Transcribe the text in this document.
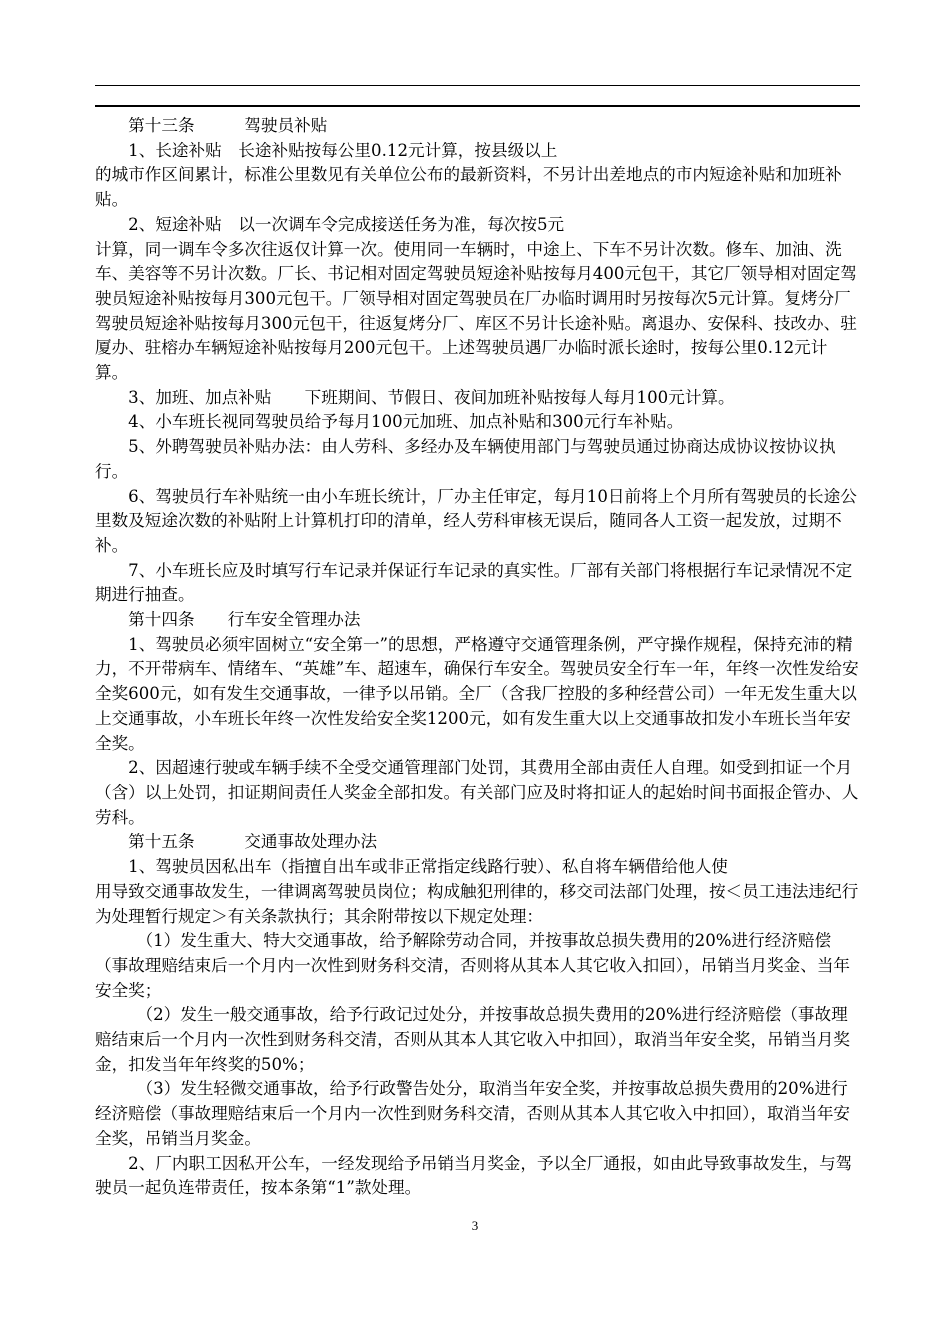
　　第十三条　　　驾驶员补贴

　　1、长途补贴　长途补贴按每公里0.12元计算，按县级以上

的城市作区间累计，标准公里数见有关单位公布的最新资料，不另计出差地点的市内短途补贴和加班补贴。

　　2、短途补贴　以一次调车令完成接送任务为准，每次按5元

计算，同一调车令多次往返仅计算一次。使用同一车辆时，中途上、下车不另计次数。修车、加油、洗车、美容等不另计次数。厂长、书记相对固定驾驶员短途补贴按每月400元包干，其它厂领导相对固定驾驶员短途补贴按每月300元包干。厂领导相对固定驾驶员在厂办临时调用时另按每次5元计算。复烤分厂驾驶员短途补贴按每月300元包干，往返复烤分厂、库区不另计长途补贴。离退办、安保科、技改办、驻厦办、驻榕办车辆短途补贴按每月200元包干。上述驾驶员遇厂办临时派长途时，按每公里0.12元计算。

　　3、加班、加点补贴　　下班期间、节假日、夜间加班补贴按每人每月100元计算。

　　4、小车班长视同驾驶员给予每月100元加班、加点补贴和300元行车补贴。

　　5、外聘驾驶员补贴办法：由人劳科、多经办及车辆使用部门与驾驶员通过协商达成协议按协议执行。

　　6、驾驶员行车补贴统一由小车班长统计，厂办主任审定，每月10日前将上个月所有驾驶员的长途公里数及短途次数的补贴附上计算机打印的清单，经人劳科审核无误后，随同各人工资一起发放，过期不补。

　　7、小车班长应及时填写行车记录并保证行车记录的真实性。厂部有关部门将根据行车记录情况不定期进行抽查。

　　第十四条　　行车安全管理办法

　　1、驾驶员必须牢固树立“安全第一”的思想，严格遵守交通管理条例，严守操作规程，保持充沛的精力，不开带病车、情绪车、“英雄”车、超速车，确保行车安全。驾驶员安全行车一年，年终一次性发给安全奖600元，如有发生交通事故，一律予以吊销。全厂（含我厂控股的多种经营公司）一年无发生重大以上交通事故，小车班长年终一次性发给安全奖1200元，如有发生重大以上交通事故扣发小车班长当年安全奖。

　　2、因超速行驶或车辆手续不全受交通管理部门处罚，其费用全部由责任人自理。如受到扣证一个月（含）以上处罚，扣证期间责任人奖金全部扣发。有关部门应及时将扣证人的起始时间书面报企管办、人劳科。

　　第十五条　　　交通事故处理办法

　　1、驾驶员因私出车（指擅自出车或非正常指定线路行驶）、私自将车辆借给他人使

用导致交通事故发生，一律调离驾驶员岗位；构成触犯刑律的，移交司法部门处理，按＜员工违法违纪行为处理暂行规定＞有关条款执行；其余附带按以下规定处理：

　　　（1）发生重大、特大交通事故，给予解除劳动合同，并按事故总损失费用的20%进行经济赔偿（事故理赔结束后一个月内一次性到财务科交清，否则将从其本人其它收入扣回），吊销当月奖金、当年安全奖；

　　　（2）发生一般交通事故，给予行政记过处分，并按事故总损失费用的20%进行经济赔偿（事故理赔结束后一个月内一次性到财务科交清，否则从其本人其它收入中扣回），取消当年安全奖，吊销当月奖金，扣发当年年终奖的50%；

　　　（3）发生轻微交通事故，给予行政警告处分，取消当年安全奖，并按事故总损失费用的20%进行经济赔偿（事故理赔结束后一个月内一次性到财务科交清，否则从其本人其它收入中扣回），取消当年安全奖，吊销当月奖金。

　　2、厂内职工因私开公车，一经发现给予吊销当月奖金，予以全厂通报，如由此导致事故发生，与驾驶员一起负连带责任，按本条第“1”款处理。

3
